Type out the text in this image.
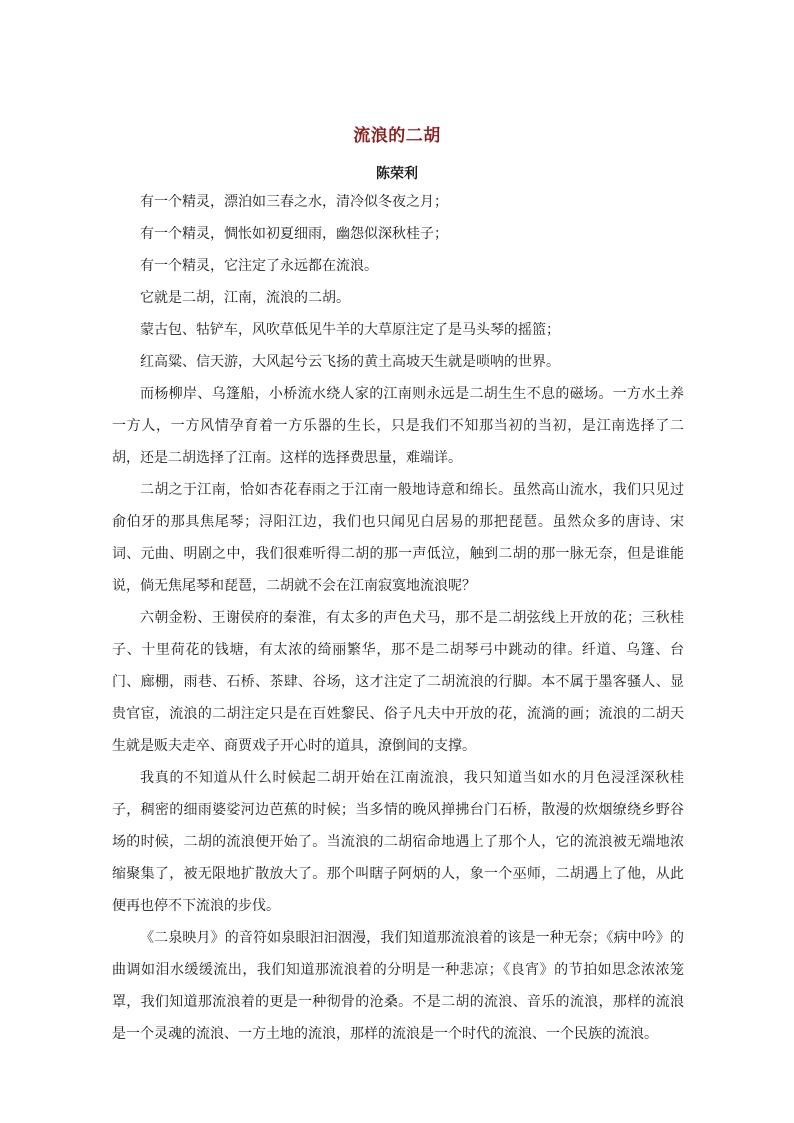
流浪的二胡
陈荣利

有一个精灵，漂泊如三春之水，清冷似冬夜之月；

有一个精灵，惆怅如初夏细雨，幽怨似深秋桂子；

有一个精灵，它注定了永远都在流浪。

它就是二胡，江南，流浪的二胡。

蒙古包、牯铲车，风吹草低见牛羊的大草原注定了是马头琴的摇篮；

红高粱、信天游，大风起兮云飞扬的黄土高坡天生就是唢呐的世界。

而杨柳岸、乌篷船，小桥流水绕人家的江南则永远是二胡生生不息的磁场。一方水土养一方人，一方风情孕育着一方乐器的生长，只是我们不知那当初的当初，是江南选择了二胡，还是二胡选择了江南。这样的选择费思量，难端详。

二胡之于江南，恰如杏花春雨之于江南一般地诗意和绵长。虽然高山流水，我们只见过俞伯牙的那具焦尾琴；浔阳江边，我们也只闻见白居易的那把琵琶。虽然众多的唐诗、宋词、元曲、明剧之中，我们很难听得二胡的那一声低泣，触到二胡的那一脉无奈，但是谁能说，倘无焦尾琴和琵琶，二胡就不会在江南寂寞地流浪呢？

六朝金粉、王谢侯府的秦淮，有太多的声色犬马，那不是二胡弦线上开放的花；三秋桂子、十里荷花的钱塘，有太浓的绮丽繁华，那不是二胡琴弓中跳动的律。纤道、乌篷、台门、廊棚，雨巷、石桥、茶肆、谷场，这才注定了二胡流浪的行脚。本不属于墨客骚人、显贵官宦，流浪的二胡注定只是在百姓黎民、俗子凡夫中开放的花，流淌的画；流浪的二胡天生就是贩夫走卒、商贾戏子开心时的道具，潦倒间的支撑。

我真的不知道从什么时候起二胡开始在江南流浪，我只知道当如水的月色浸淫深秋桂子，稠密的细雨婆娑河边芭蕉的时候；当多情的晚风掸拂台门石桥，散漫的炊烟缭绕乡野谷场的时候，二胡的流浪便开始了。当流浪的二胡宿命地遇上了那个人，它的流浪被无端地浓缩聚集了，被无限地扩散放大了。那个叫瞎子阿炳的人，象一个巫师，二胡遇上了他，从此便再也停不下流浪的步伐。

《二泉映月》的音符如泉眼汩汩洇漫，我们知道那流浪着的该是一种无奈；《病中吟》的曲调如泪水缓缓流出，我们知道那流浪着的分明是一种悲凉；《良宵》的节拍如思念浓浓笼罩，我们知道那流浪着的更是一种彻骨的沧桑。不是二胡的流浪、音乐的流浪，那样的流浪是一个灵魂的流浪、一方土地的流浪，那样的流浪是一个时代的流浪、一个民族的流浪。
